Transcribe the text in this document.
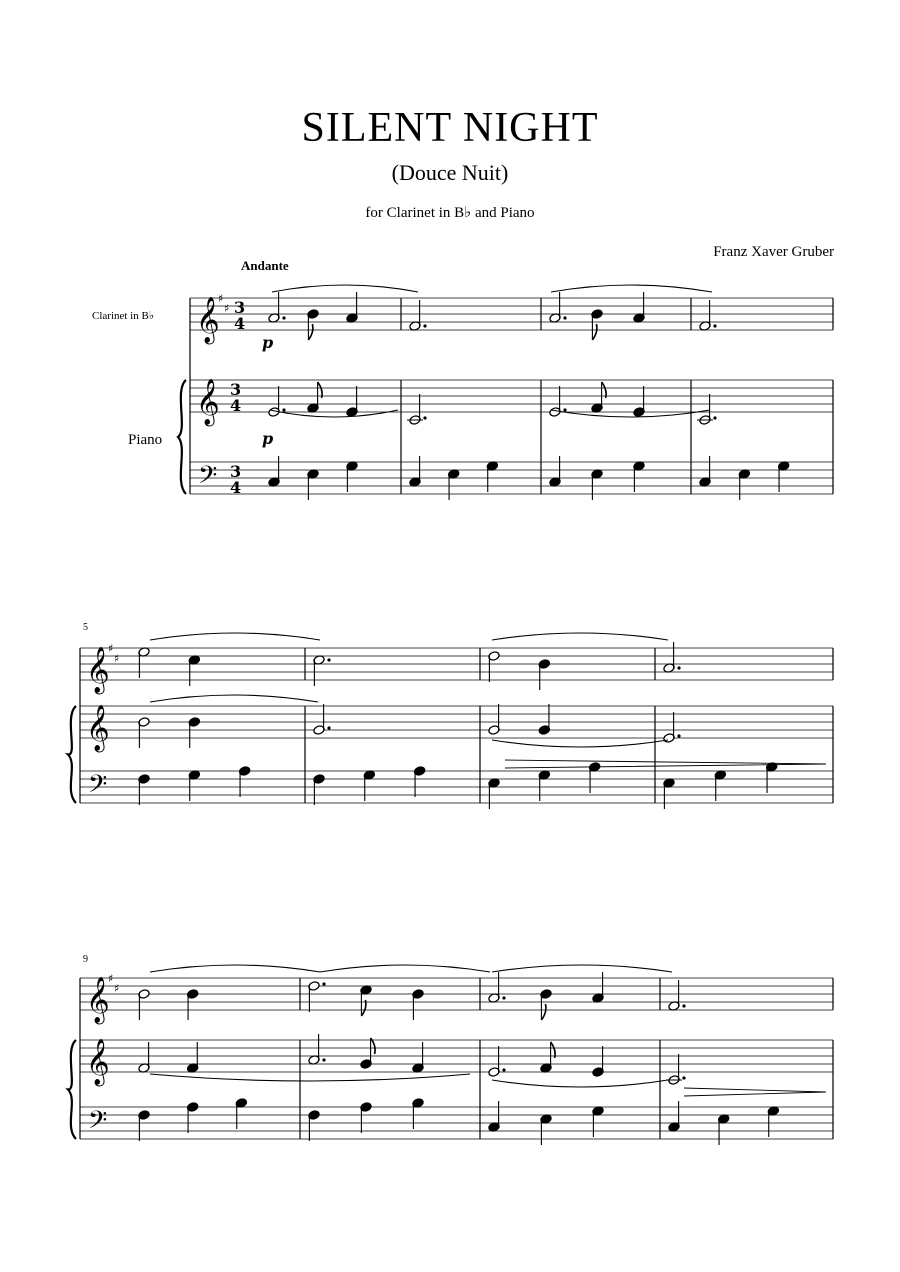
SILENT NIGHT
(Douce Nuit)
for Clarinet in B♭ and Piano
Franz Xaver Gruber
Andante
Clarinet in B♭
Piano
5
9
𝄞
♯
♯
𝄞
𝄢
3
4
3
4
3
4
𝄞
♯
♯
𝄞
𝄢
𝄞
♯
♯
𝄞
𝄢
p
p
